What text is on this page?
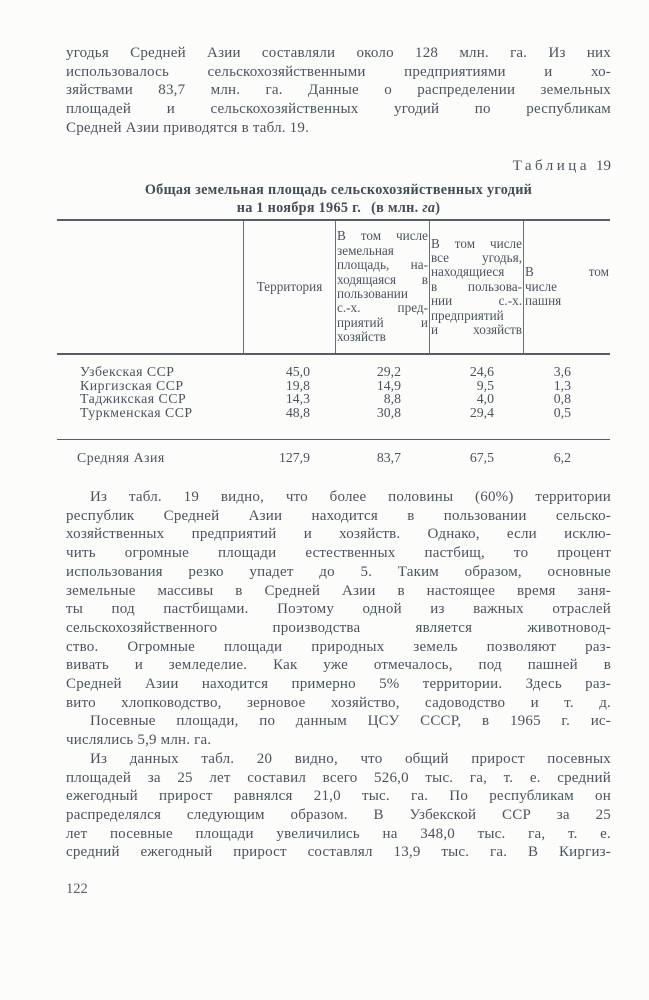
угодья Средней Азии составляли около 128 млн. га. Из них
использовалось сельскохозяйственными предприятиями и хо-
зяйствами 83,7 млн. га. Данные о распределении земельных
площадей и сельскохозяйственных угодий по республикам
Средней Азии приводятся в табл. 19.
Таблица 19
Общая земельная площадь сельскохозяйственных угодий
на 1 ноября 1965 г. (в млн. га)
Территория
В том числе
земельная
площадь, на-
ходящаяся в
пользовании
с.-х. пред-
приятий и
хозяйств
В том числе
все угодья,
находящиеся
в пользова-
нии с.-х.
предприятий
и хозяйств
В том
числе
пашня
Узбекская ССР	45,0	29,2	24,6	3,6
Киргизская ССР	19,8	14,9	9,5	1,3
Таджикская ССР	14,3	8,8	4,0	0,8
Туркменская ССР	48,8	30,8	29,4	0,5
Средняя Азия	127,9	83,7	67,5	6,2
Из табл. 19 видно, что более половины (60%) территории
республик Средней Азии находится в пользовании сельско-
хозяйственных предприятий и хозяйств. Однако, если исклю-
чить огромные площади естественных пастбищ, то процент
использования резко упадет до 5. Таким образом, основные
земельные массивы в Средней Азии в настоящее время заня-
ты под пастбищами. Поэтому одной из важных отраслей
сельскохозяйственного производства является животновод-
ство. Огромные площади природных земель позволяют раз-
вивать и земледелие. Как уже отмечалось, под пашней в
Средней Азии находится примерно 5% территории. Здесь раз-
вито хлопководство, зерновое хозяйство, садоводство и т. д.
Посевные площади, по данным ЦСУ СССР, в 1965 г. ис-
числялись 5,9 млн. га.
Из данных табл. 20 видно, что общий прирост посевных
площадей за 25 лет составил всего 526,0 тыс. га, т. е. средний
ежегодный прирост равнялся 21,0 тыс. га. По республикам он
распределялся следующим образом. В Узбекской ССР за 25
лет посевные площади увеличились на 348,0 тыс. га, т. е.
средний ежегодный прирост составлял 13,9 тыс. га. В Киргиз-
122
